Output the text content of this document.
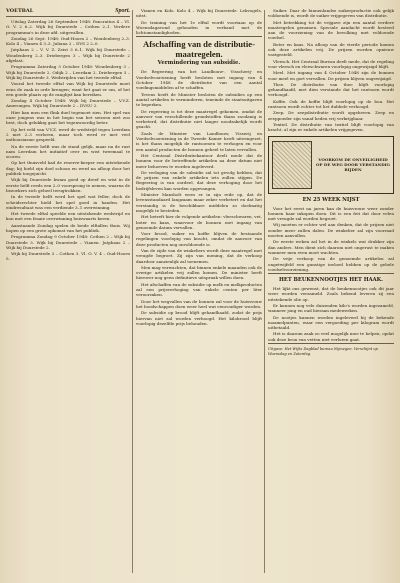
VOETBAL	Sport.

Uitslag Zaterdag 26 September 1948: Pancratius 4 – Vl. O. V. 2 6–2. Wijk bij Duurstede – Cothen 2–1. Verdere programma's in deze afd. uitgevallen.

Zondag 26 Sept. 1948: Oud-Hoorn 2 – Woudenberg 2–3. Kolo 4 – Vianen 4 3–3. Juliana 2 – DVS 2 2–0.

Jutphaas 2 – V. V. Z. Zeist 3 6–1. Wijk bij Duurstede – Woudenberg 2–3. Driebergen 3 – Wijk bij Duurstede 2 afgelast.

Programma Zaterdag 3 October 1948: Woudenberg 3 – Wijk bij Duurstede 2. Odijk 2 – Leerdam 2. Driebergen 3 – Wijk bij Duurstede 3. Wedstrijden van het tweede elftal.

Vooral het tweede elftal van Wijk bij Duurstede moet eens de zaak in orde brengen; want het gaat er om, of het een goede plaats op de ranglijst kan bereiken.

Zondag 4 October 1948: Wijk bij Duurstede – V.V.Z. Amerongen. Wijk bij Duurstede 2 – DVSU 2.

Hier kan men een flink duel tegemoet zien. Het spel van onze jongens was in het begin van het seizoen niet zoo best, doch gelukkig gaat het tegenwoordig beter.

Op het veld van V.V.Z. werd de wedstrijd tegen Leerdam 2 met 2–3 verloren, maar toch werd er met veel enthousiasme gespeeld.

Na de eerste helft was de stand gelijk, maar na de rust nam Leerdam het initiatief over en wist tweemaal te scoren.

Op het thuisveld had de reserve-keeper een uitstekende dag; hij hield zijn doel schoon en werd na afloop door het publiek toegejuicht.

Wijk bij Duurstede kwam goed op dreef en wist in de eerste helft reeds een 2–0 voorsprong te nemen, waarna de bezoekers zich geheel terugtrokken.

In de tweede helft werd het spel wat feller, doch de scheidsrechter hield het spel goed in handen. Het eindresultaat was een verdiende 3–1 overwinning.

Het tweede elftal speelde een uitstekende wedstrijd en kon met een fraaie overwinning huiswaarts keren.

Aanstaande Zondag spelen de beide elftallen thuis. Wij hopen op een grote opkomst van het publiek.

Programma Zondag 9 October 1948: Cothen 2 – Wijk bij Duurstede 3. Wijk bij Duurstede – Vianen. Jutphaas 2 – Wijk bij Duurstede 2.

Wijk bij Duurstede 3 – Cothen 3. Vl. O. V. 4 – Oud-Hoorn 5.

Vianen en Kolo. Kolo 4 – Wijk bij Duurstede. Lekvogels, uitst.

De training van het 1e elftal wordt voortaan op de Woensdagavond gehouden in verband met de lichtomstandigheden.

Afschaffing van de distributie-maatregelen.
Vermindering van subsidie.

De Regeering van het Landbouw-, Visscherij- en Voedselvoorziening heeft besloten met ingang van 4 October 1948 de distributie van een aantal voedingsmiddelen af te schaffen.

Tevens heeft de Minister besloten de subsidies op een aantal artikelen te verminderen, teneinde de staatsuitgaven te beperken.

De regeering is tot deze maatregel gekomen, omdat de aanvoer van verschillende grondstoffen thans zoodanig is verbeterd, dat distributie niet langer noodzakelijk wordt geacht.

Zoals de Minister van Landbouw, Visserij en Voedselvoorziening in de Tweede Kamer heeft uiteengezet, is het thans mogelijk de rantsoenen te verhogen en voor een aantal producten de bonnen geheel te laten vervallen.

Het Centraal Distributiekantoor deelt mede dat de bonnen voor de betreffende artikelen na deze datum niet meer behoeven te worden ingeleverd.

De verlaging van de subsidie zal tot gevolg hebben, dat de prijzen van enkele artikelen iets zullen stijgen. De Regeering is van oordeel, dat deze verhoging door het bedrijfsleven kan worden opgevangen.

Minister Mansholt wees er in zijn rede op, dat de levensstandaard langzaam maar zeker verbetert en dat het verstandig is de beschikbare middelen zo doelmatig mogelijk te besteden.

Het betreft hier de volgende artikelen: vleeschwaren, vet, boter en kaas, waarvoor de bonnen met ingang van genoemde datum vervallen.

Voor brood, suiker en koffie blijven de bestaande regelingen voorlopig van kracht, omdat de aanvoer van deze producten nog onvoldoende is.

Van de zijde van de winkeliers wordt deze maatregel met vreugde begroet. Zij zijn van mening, dat de verkoop daardoor aanzienlijk zal toenemen.

Men mag verwachten, dat binnen enkele maanden ook de overige artikelen vrij zullen komen. De minister heeft hierover nog geen definitieve uitspraak willen doen.

Het afschaffen van de subsidie op melk en melkproducten zal een prijsverhoging van enkele centen per liter veroorzaken.

Door het wegvallen van de bonnen zal voor de huisvrouw het boodschappen doen weer heel wat eenvoudiger worden.

De subsidie op brood blijft gehandhaafd, zodat de prijs hiervan niet zal worden verhoogd. Het kilobrood blijft voorlopig dezelfde prijs behouden.

Suiker. Daar de binnenlandse suikerproductie ook gelijk voldoende is, wordt de suiker vrijgegeven van distributie.

Met betrekking tot de vrijgave zijn een aantal verdere maatregelen genomen. Speciale aandacht wordt besteed aan de voorziening van de bevolking met voldoende voedsel.

Boter en kaas. Na afloop van de vierde periode komen ook deze artikelen vrij. De prijzen worden opnieuw vastgesteld.

Vleesch. Het Centraal Bureau deelt mede, dat de regeling voor vleesch en vleeschwaren voorlopig ongewijzigd blijft.

Meel. Met ingang van 4 October 1948 zijn de bonnen voor meel en gort vervallen. De prijzen blijven ongewijzigd.

Thee. De distributie van thee blijft voorlopig gehandhaafd, met dien verstande dat het rantsoen wordt verhoogd.

Koffie. Ook de koffie blijft voorlopig op de bon. Het rantsoen wordt echter tot het dubbele verhoogd.

Zeep. De zeepdistributie wordt opgeheven. Zeep en zeeppoeder zijn vanaf heden vrij verkrijgbaar.

Textiel. De distributie van textiel blijft voorlopig van kracht, al zijn er enkele artikelen vrijgegeven.

VOORKOM DE ONVEILIGHEID OP DE WEG DOOR VERSTANDIG RIJDEN
EN 25 WEEK NIJST

Voor het eerst na jaren kan de huisvrouw weer zonder bonnen haar inkopen doen. Dit is een feit dat door velen met vreugde zal worden begroet.

Wij moeten er echter wel aan denken, dat de prijzen niet zonder meer zullen dalen. De winkelier zal zijn voorraad moeten aanvullen.

De eerste weken zal het in de winkels wat drukker zijn dan anders. Men dient zich daarom niet ongerust te maken wanneer men even moet wachten.

De vrije verkoop van de genoemde artikelen zal ongetwijfeld een gunstige invloed hebben op de gehele voedselvoorziening.

HET BEUKENNOOTJES HET HAAK.

Het lijkt ons gewenst, dat de beukennootjes ook dit jaar weer worden verzameld. Zoals bekend leveren zij een uitstekende olie op.

Er kunnen nog vele duizenden kilo's worden ingezameld, wanneer jong en oud hieraan medewerken.

De nootjes kunnen worden ingeleverd bij de bekende inzamelpunten, waar een vergoeding per kilogram wordt uitbetaald.

Het is daarom zaak zo veel mogelijk mee te helpen, opdat ook deze bron van vetten niet verloren gaat.

Uitgave: Het Wijks Dagblad bureau Nijmegen. Verschijnt op Woensdag en Zaterdag.
